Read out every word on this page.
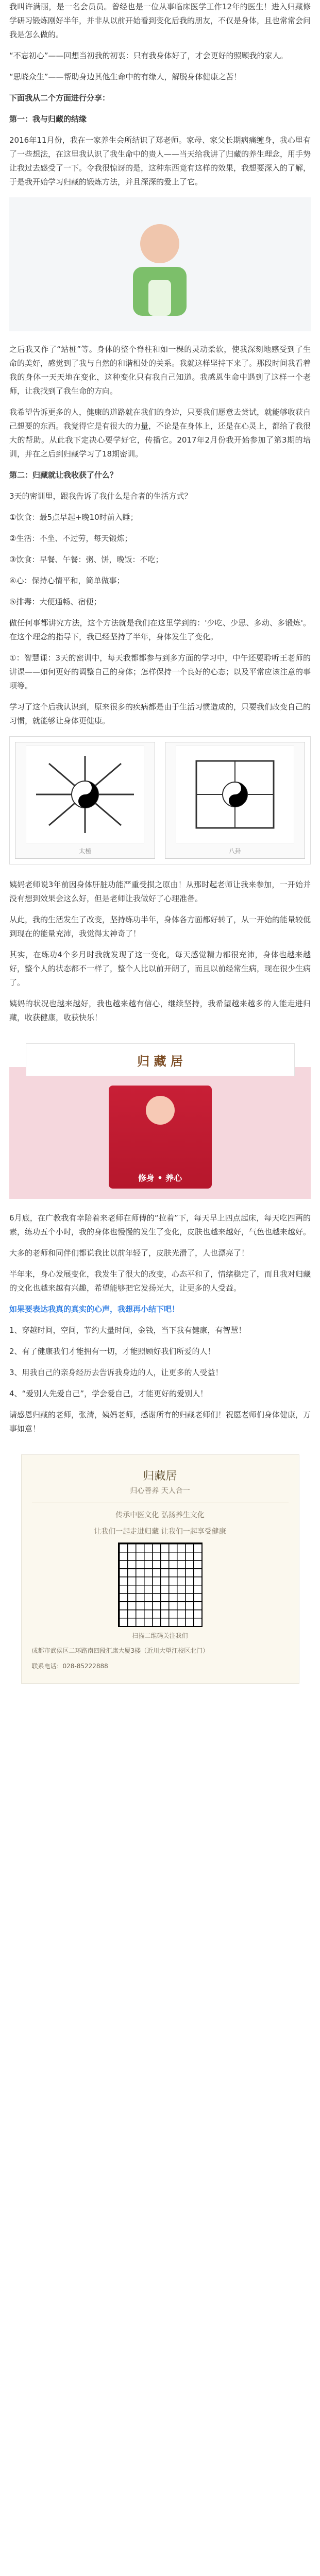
我叫许满丽，是一名会员员。曾经也是一位从事临床医学工作12年的医生！进入归藏修学研习锻炼刚好半年，并非从以前开始看到变化后我的朋友，不仅是身体，且也常常会问我是怎么做的。

“不忘初心”——回想当初我的初衷：只有我身体好了，才会更好的照顾我的家人。

“思晓众生”——帮助身边其他生命中的有缘人，解脱身体健康之苦！

下面我从二个方面进行分享：

第一：我与归藏的结缘

2016年11月份，我在一家养生会所结识了郑老师。家母、家父长期病痛缠身，我心里有了一些想法，在这里我认识了我生命中的贵人——当天给我讲了归藏的养生理念，用手势让我过去感受了一下。令我很惊讶的是，这种东西竟有这样的效果，我想要深入的了解，于是我开始学习归藏的锻炼方法，并且深深的爱上了它。

之后我又作了“站桩”等。身体的整个脊柱和如一棵的灵动柔软，使我深刻地感受到了生命的美好，感觉到了我与自然的和谐相处的关系。我就这样坚持下来了。那段时间我看着我的身体一天天地在变化，这种变化只有我自己知道。我感恩生命中遇到了这样一个老师，让我找到了我生命的方向。

我希望告诉更多的人，健康的道路就在我们的身边，只要我们愿意去尝试，就能够收获自己想要的东西。我觉得它是有很大的力量，不论是在身体上，还是在心灵上，都给了我很大的帮助。从此我下定决心要学好它，传播它。2017年2月份我开始参加了第3期的培训，并在之后到归藏学习了18期密训。

第二：归藏就让我收获了什么？

3天的密训里，跟我告诉了我什么是合者的生活方式？

①饮食：最5点早起+晚10时前入睡；

②生活：不坐、不过劳，每天锻炼；

③饮食：早餐、午餐：粥、饼，晚饭：不吃；

④心：保持心情平和，简单做事；

⑤排毒：大便通畅、宿便；

做任何事都讲究方法，这个方法就是我们在这里学到的：'少吃、少思、多动、多锻炼'。在这个理念的指导下，我已经坚持了半年，身体发生了变化。

①：智慧课：3天的密训中，每天我都都参与到多方面的学习中，中午还要聆听王老师的讲课——如何更好的调整自己的身体；怎样保持一个良好的心态；以及平常应该注意的事项等。

学习了这个后我认识到，原来很多的疾病都是由于生活习惯造成的，只要我们改变自己的习惯，就能够让身体更健康。

太極	八卦

姨妈老师说3年前因身体肝脏功能严重受损之原由！从那时起老师让我来参加，一开始并没有想到效果会这么好，但是老师让我做好了心理准备。

从此，我的生活发生了改变，坚持练功半年，身体各方面都好转了，从一开始的能量较低到现在的能量充沛，我觉得太神奇了！

其实，在练功4个多月时我就发现了这一变化，每天感觉精力都很充沛，身体也越来越好，整个人的状态都不一样了，整个人比以前开朗了，而且以前经常生病，现在很少生病了。

姨妈的状况也越来越好，我也越来越有信心，继续坚持，我希望越来越多的人能走进归藏，收获健康，收获快乐！

归 藏 居
修身 • 养心

6月底，在广教我有幸陪着来老师在师傅的“拉着”下，每天早上四点起床，每天吃四两的素，练功五个小时，我的身体也慢慢的发生了变化，皮肤也越来越好，气色也越来越好。

大多的老师和同伴们都说我比以前年轻了，皮肤光滑了，人也漂亮了！

半年来，身心发展变化，我发生了很大的改变，心态平和了，情绪稳定了，而且我对归藏的文化也越来越有兴趣，希望能够把它发扬光大，让更多的人受益。

如果要表达我真的真实的心声，我想再小结下吧！

1、穿越时间，空间，节约大量时间，金钱，当下我有健康，有智慧！

2、有了健康我们才能拥有一切，才能照顾好我们所爱的人！

3、用我自己的亲身经历去告诉我身边的人，让更多的人受益！

4、“爱别人先爱自己”，学会爱自己，才能更好的爱别人！

请感恩归藏的老师，张清，姨妈老师，感谢所有的归藏老师们！祝愿老师们身体健康，万事如意！

归藏居
归心善养 天人合一
传承中医文化 弘扬养生文化
让我们一起走进归藏 让我们一起享受健康
扫描二维码关注我们
成都市武侯区二环路南四段汇康大厦3楼（近川大望江校区北门）
联系电话：028-85222888
